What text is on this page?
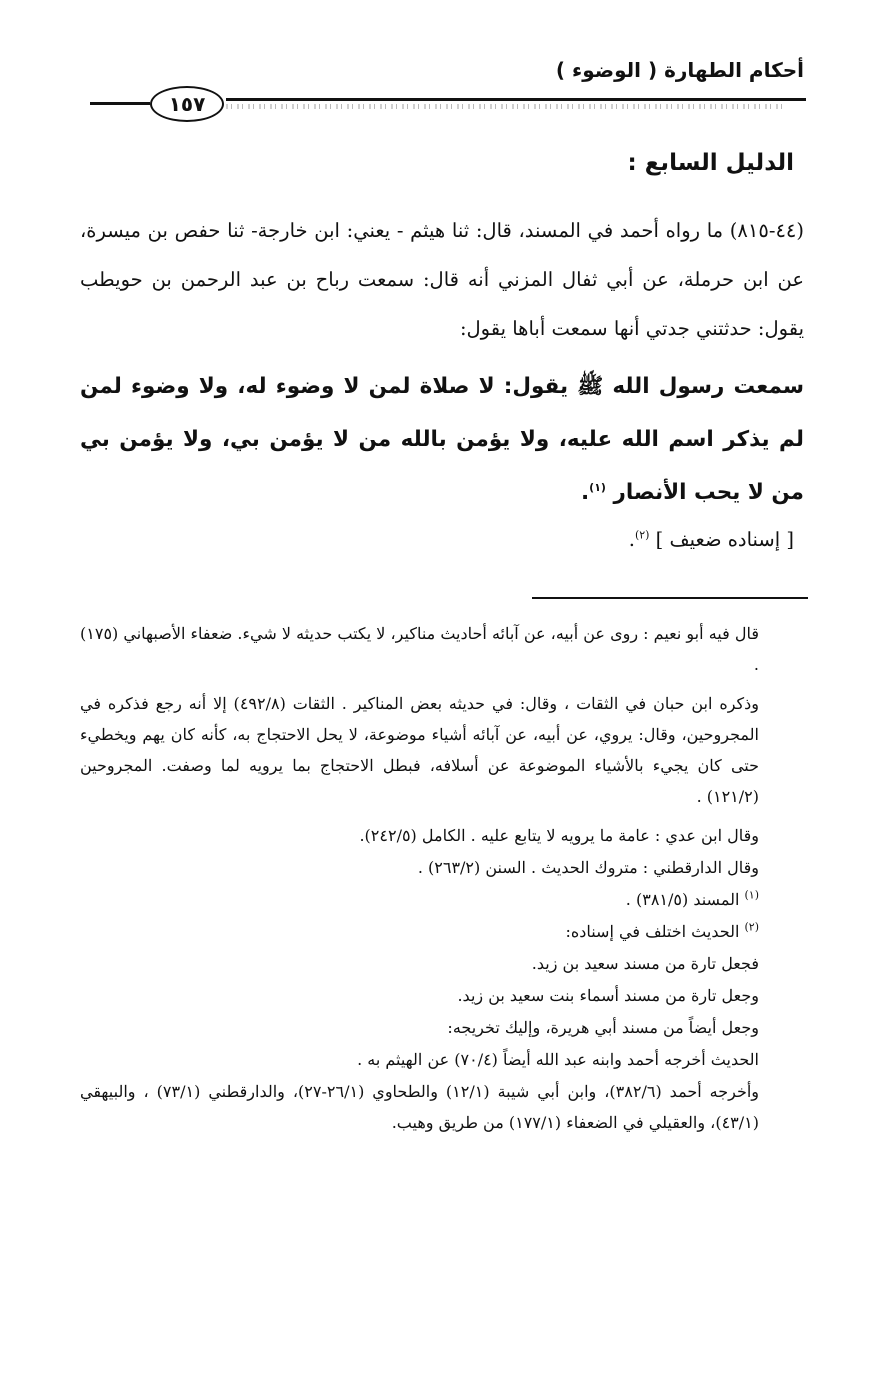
أحكام الطهارة ( الوضوء )
١٥٧
الدليل السابع :
(٤٤-٨١٥) ما رواه أحمد في المسند، قال: ثنا هيثم - يعني: ابن خارجة- ثنا حفص بن ميسرة، عن ابن حرملة، عن أبي ثفال المزني أنه قال: سمعت رباح بن عبد الرحمن بن حويطب يقول: حدثتني جدتي أنها سمعت أباها يقول:
سمعت رسول الله ﷺ يقول: لا صلاة لمن لا وضوء له، ولا وضوء لمن لم يذكر اسم الله عليه، ولا يؤمن بالله من لا يؤمن بي، ولا يؤمن بي من لا يحب الأنصار $^{(١)}$.
[ إسناده ضعيف ] $^{(٢)}$.

قال فيه أبو نعيم : روى عن أبيه، عن آبائه أحاديث مناكير، لا يكتب حديثه لا شيء. ضعفاء الأصبهاني (١٧٥) .

وذكره ابن حبان في الثقات ، وقال: في حديثه بعض المناكير . الثقات (٤٩٢/٨) إلا أنه رجع فذكره في المجروحين، وقال: يروي، عن أبيه، عن آبائه أشياء موضوعة، لا يحل الاحتجاج به، كأنه كان يهم ويخطيء حتى كان يجيء بالأشياء الموضوعة عن أسلافه، فبطل الاحتجاج بما يرويه لما وصفت. المجروحين (١٢١/٢) .

وقال ابن عدي : عامة ما يرويه لا يتابع عليه . الكامل (٢٤٢/٥).

وقال الدارقطني : متروك الحديث . السنن (٢٦٣/٢) .

$^{(١)}$ المسند (٣٨١/٥) .

$^{(٢)}$ الحديث اختلف في إسناده:

فجعل تارة من مسند سعيد بن زيد.

وجعل تارة من مسند أسماء بنت سعيد بن زيد.

وجعل أيضاً من مسند أبي هريرة، وإليك تخريجه:

الحديث أخرجه أحمد وابنه عبد الله أيضاً (٧٠/٤) عن الهيثم به .

وأخرجه أحمد (٣٨٢/٦)، وابن أبي شيبة (١٢/١) والطحاوي (٢٦/١-٢٧)، والدارقطني (٧٣/١) ، والبيهقي (٤٣/١)، والعقيلي في الضعفاء (١٧٧/١) من طريق وهيب.
